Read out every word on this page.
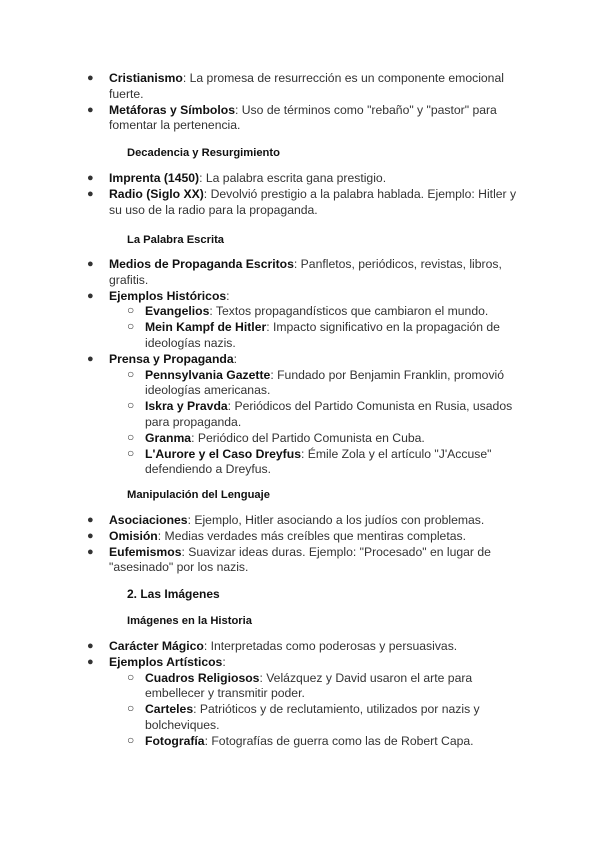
● Cristianismo: La promesa de resurrección es un componente emocional fuerte.
● Metáforas y Símbolos: Uso de términos como "rebaño" y "pastor" para fomentar la pertenencia.
Decadencia y Resurgimiento
● Imprenta (1450): La palabra escrita gana prestigio.
● Radio (Siglo XX): Devolvió prestigio a la palabra hablada. Ejemplo: Hitler y su uso de la radio para la propaganda.
La Palabra Escrita
● Medios de Propaganda Escritos: Panfletos, periódicos, revistas, libros, grafitis.
● Ejemplos Históricos:
○ Evangelios: Textos propagandísticos que cambiaron el mundo.
○ Mein Kampf de Hitler: Impacto significativo en la propagación de ideologías nazis.
● Prensa y Propaganda:
○ Pennsylvania Gazette: Fundado por Benjamin Franklin, promovió ideologías americanas.
○ Iskra y Pravda: Periódicos del Partido Comunista en Rusia, usados para propaganda.
○ Granma: Periódico del Partido Comunista en Cuba.
○ L'Aurore y el Caso Dreyfus: Émile Zola y el artículo "J'Accuse" defendiendo a Dreyfus.
Manipulación del Lenguaje
● Asociaciones: Ejemplo, Hitler asociando a los judíos con problemas.
● Omisión: Medias verdades más creíbles que mentiras completas.
● Eufemismos: Suavizar ideas duras. Ejemplo: "Procesado" en lugar de "asesinado" por los nazis.
2. Las Imágenes
Imágenes en la Historia
● Carácter Mágico: Interpretadas como poderosas y persuasivas.
● Ejemplos Artísticos:
○ Cuadros Religiosos: Velázquez y David usaron el arte para embellecer y transmitir poder.
○ Carteles: Patrióticos y de reclutamiento, utilizados por nazis y bolcheviques.
○ Fotografía: Fotografías de guerra como las de Robert Capa.
